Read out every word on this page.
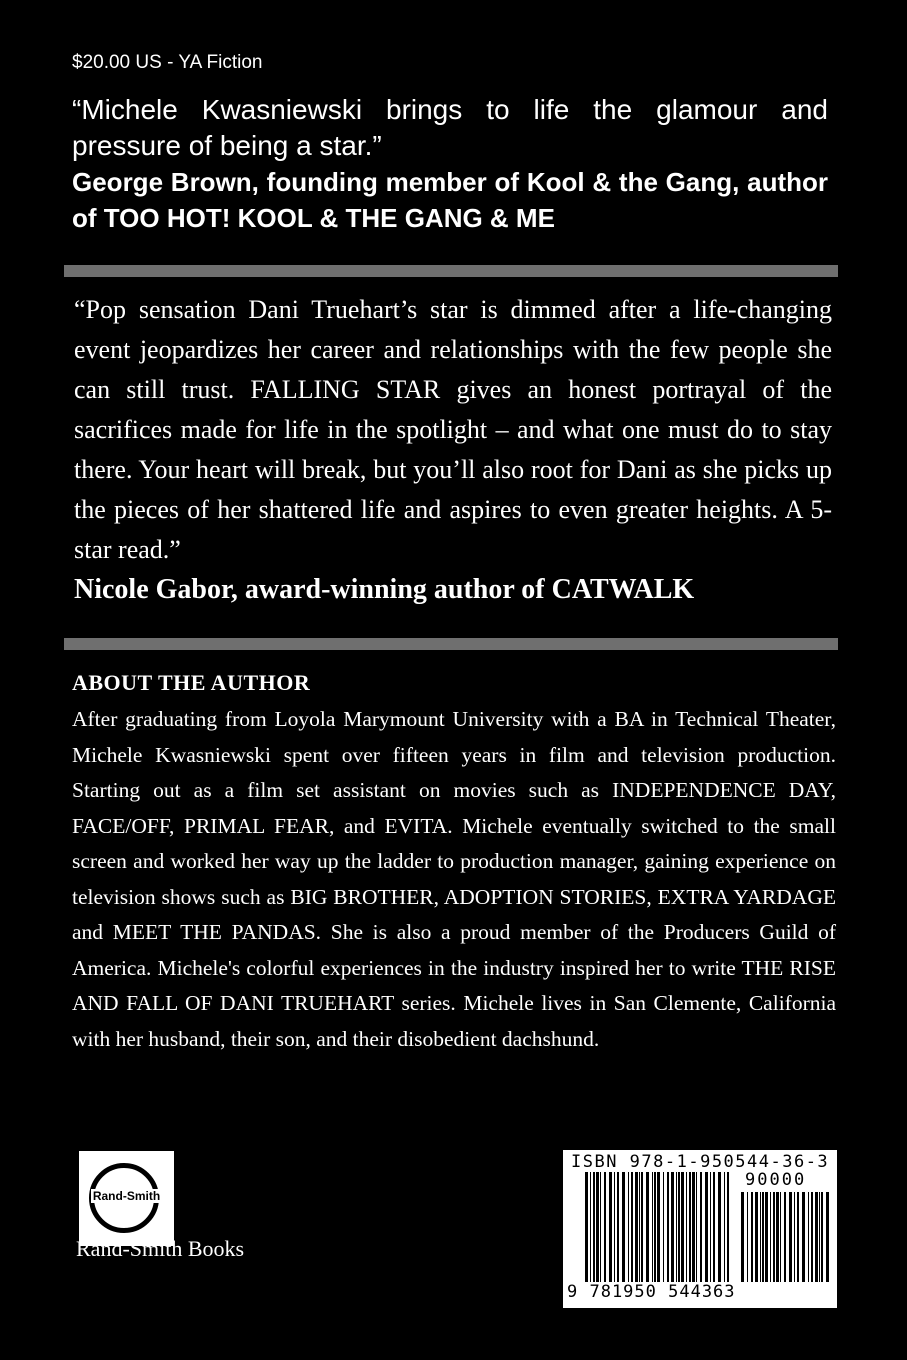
$20.00 US - YA Fiction

“Michele Kwasniewski brings to life the glamour and pressure of being a star.”

George Brown, founding member of Kool & the Gang, author of TOO HOT! KOOL & THE GANG & ME

“Pop sensation Dani Truehart’s star is dimmed after a life-changing event jeopardizes her career and relationships with the few people she can still trust. FALLING STAR gives an honest portrayal of the sacrifices made for life in the spotlight – and what one must do to stay there. Your heart will break, but you’ll also root for Dani as she picks up the pieces of her shattered life and aspires to even greater heights. A 5-star read.”

Nicole Gabor, award-winning author of CATWALK

ABOUT THE AUTHOR

After graduating from Loyola Marymount University with a BA in Technical Theater, Michele Kwasniewski spent over fifteen years in film and television production. Starting out as a film set assistant on movies such as INDEPENDENCE DAY, FACE/OFF, PRIMAL FEAR, and EVITA. Michele eventually switched to the small screen and worked her way up the ladder to production manager, gaining experience on television shows such as BIG BROTHER, ADOPTION STORIES, EXTRA YARDAGE and MEET THE PANDAS. She is also a proud member of the Producers Guild of America. Michele's colorful experiences in the industry inspired her to write THE RISE AND FALL OF DANI TRUEHART series. Michele lives in San Clemente, California with her husband, their son, and their disobedient dachshund.

Rand-Smith
Rand-Smith Books
ISBN 978-1-950544-36-3
90000
9 781950 544363
